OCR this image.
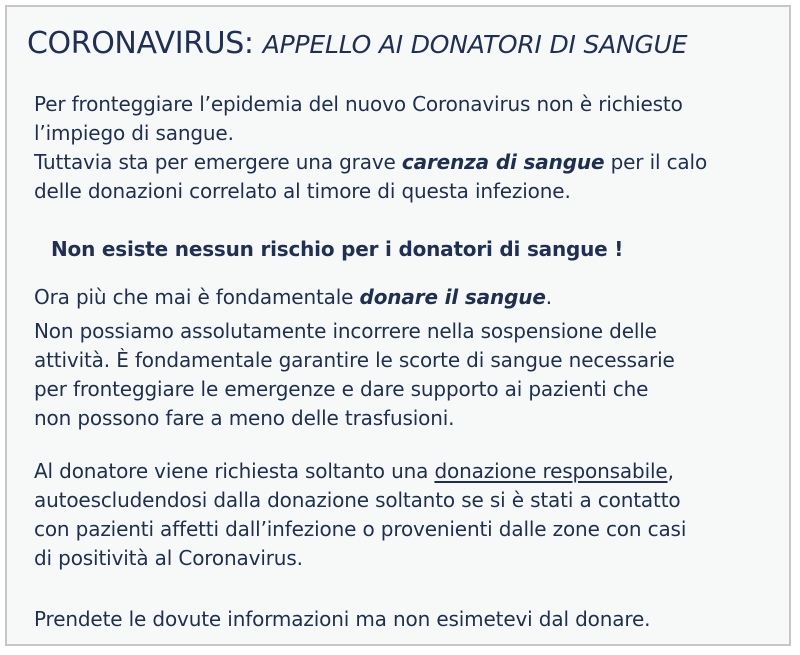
CORONAVIRUS: APPELLO AI DONATORI DI SANGUE
Per fronteggiare l’epidemia del nuovo Coronavirus non è richiesto
l’impiego di sangue.
Tuttavia sta per emergere una grave carenza di sangue per il calo
delle donazioni correlato al timore di questa infezione.
Non esiste nessun rischio per i donatori di sangue !
Ora più che mai è fondamentale donare il sangue.
Non possiamo assolutamente incorrere nella sospensione delle
attività. È fondamentale garantire le scorte di sangue necessarie
per fronteggiare le emergenze e dare supporto ai pazienti che
non possono fare a meno delle trasfusioni.
Al donatore viene richiesta soltanto una donazione responsabile,
autoescludendosi dalla donazione soltanto se si è stati a contatto
con pazienti affetti dall’infezione o provenienti dalle zone con casi
di positività al Coronavirus.
Prendete le dovute informazioni ma non esimetevi dal donare.
